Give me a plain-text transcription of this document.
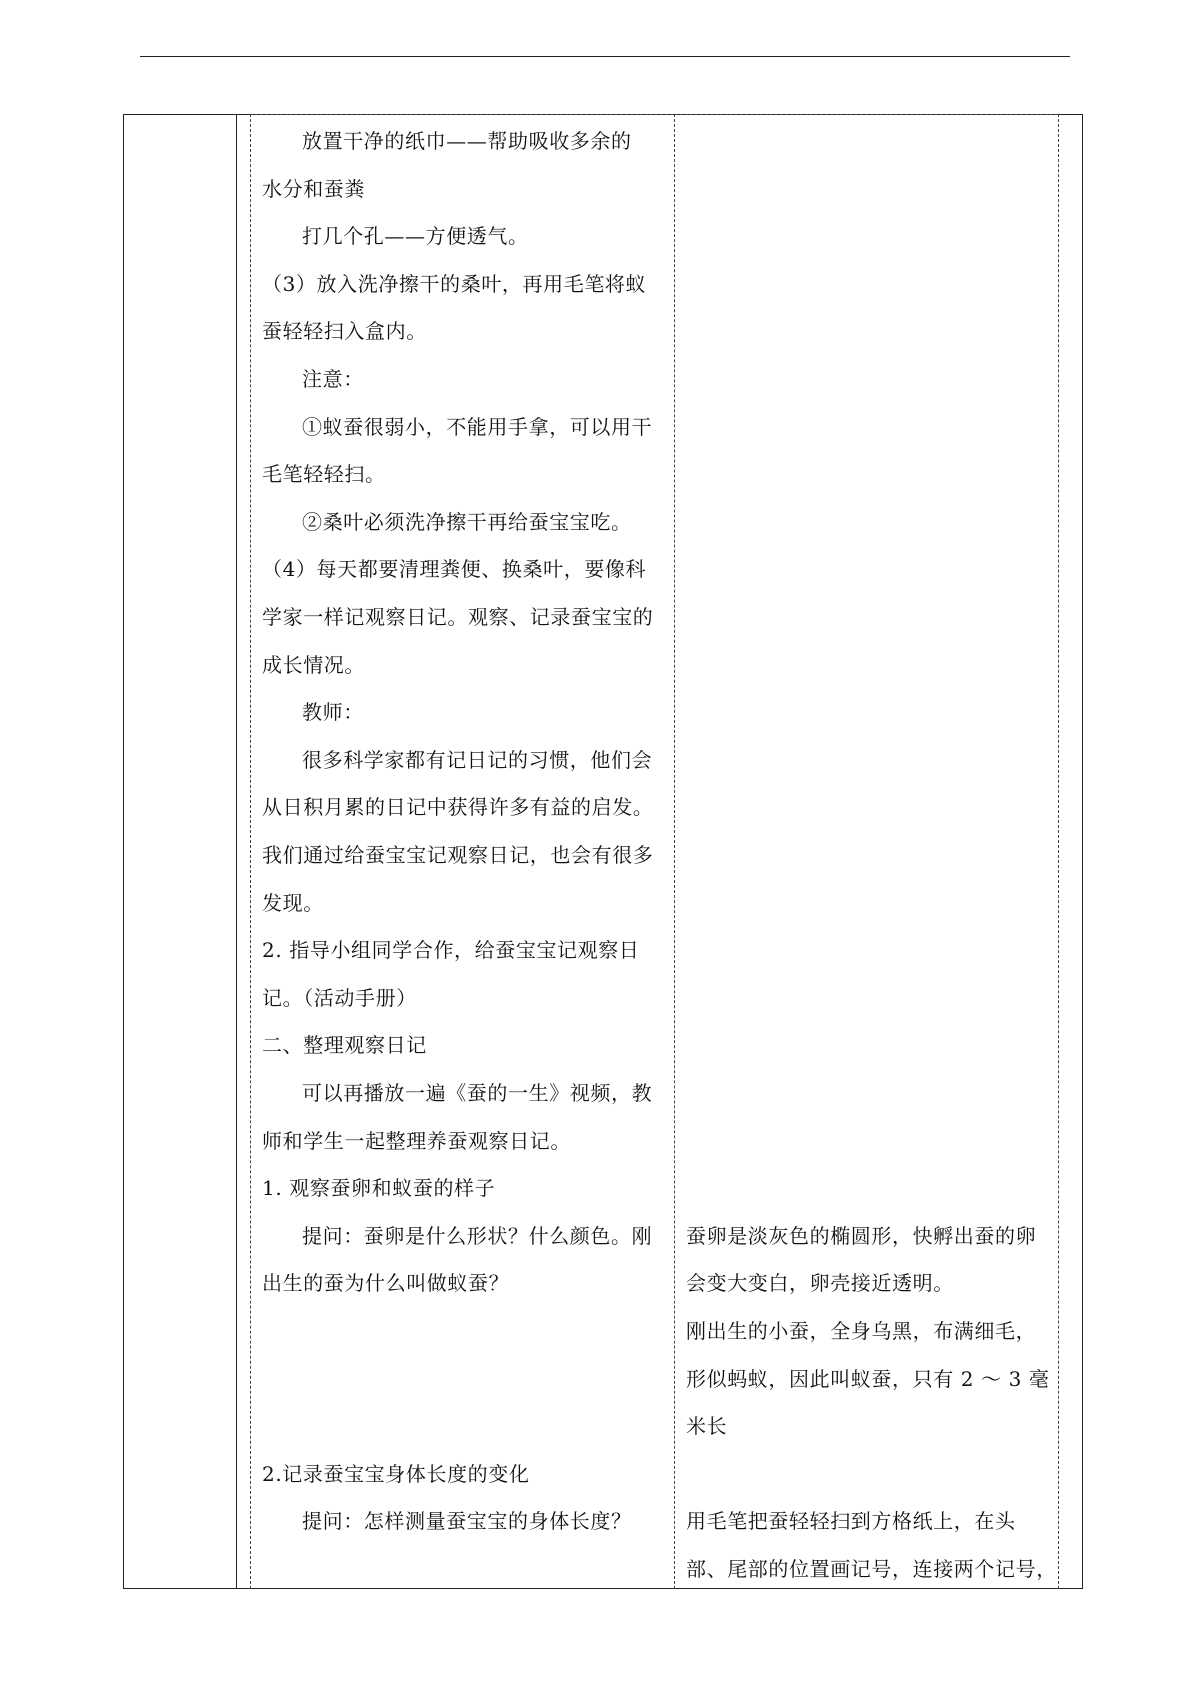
放置干净的纸巾——帮助吸收多余的
水分和蚕粪
打几个孔——方便透气。
（3）放入洗净擦干的桑叶，再用毛笔将蚁
蚕轻轻扫入盒内。
注意：
①蚁蚕很弱小，不能用手拿，可以用干
毛笔轻轻扫。
②桑叶必须洗净擦干再给蚕宝宝吃。
（4）每天都要清理粪便、换桑叶，要像科
学家一样记观察日记。观察、记录蚕宝宝的
成长情况。
教师：
很多科学家都有记日记的习惯，他们会
从日积月累的日记中获得许多有益的启发。
我们通过给蚕宝宝记观察日记，也会有很多
发现。
2. 指导小组同学合作，给蚕宝宝记观察日
记。（活动手册）
二、整理观察日记
可以再播放一遍《蚕的一生》视频，教
师和学生一起整理养蚕观察日记。
1. 观察蚕卵和蚁蚕的样子
提问：蚕卵是什么形状？什么颜色。刚
出生的蚕为什么叫做蚁蚕？
2.记录蚕宝宝身体长度的变化
提问：怎样测量蚕宝宝的身体长度？
蚕卵是淡灰色的椭圆形，快孵出蚕的卵
会变大变白，卵壳接近透明。
刚出生的小蚕，全身乌黑，布满细毛，
形似蚂蚁，因此叫蚁蚕，只有 2 ～ 3 毫
米长
用毛笔把蚕轻轻扫到方格纸上，在头
部、尾部的位置画记号，连接两个记号，
